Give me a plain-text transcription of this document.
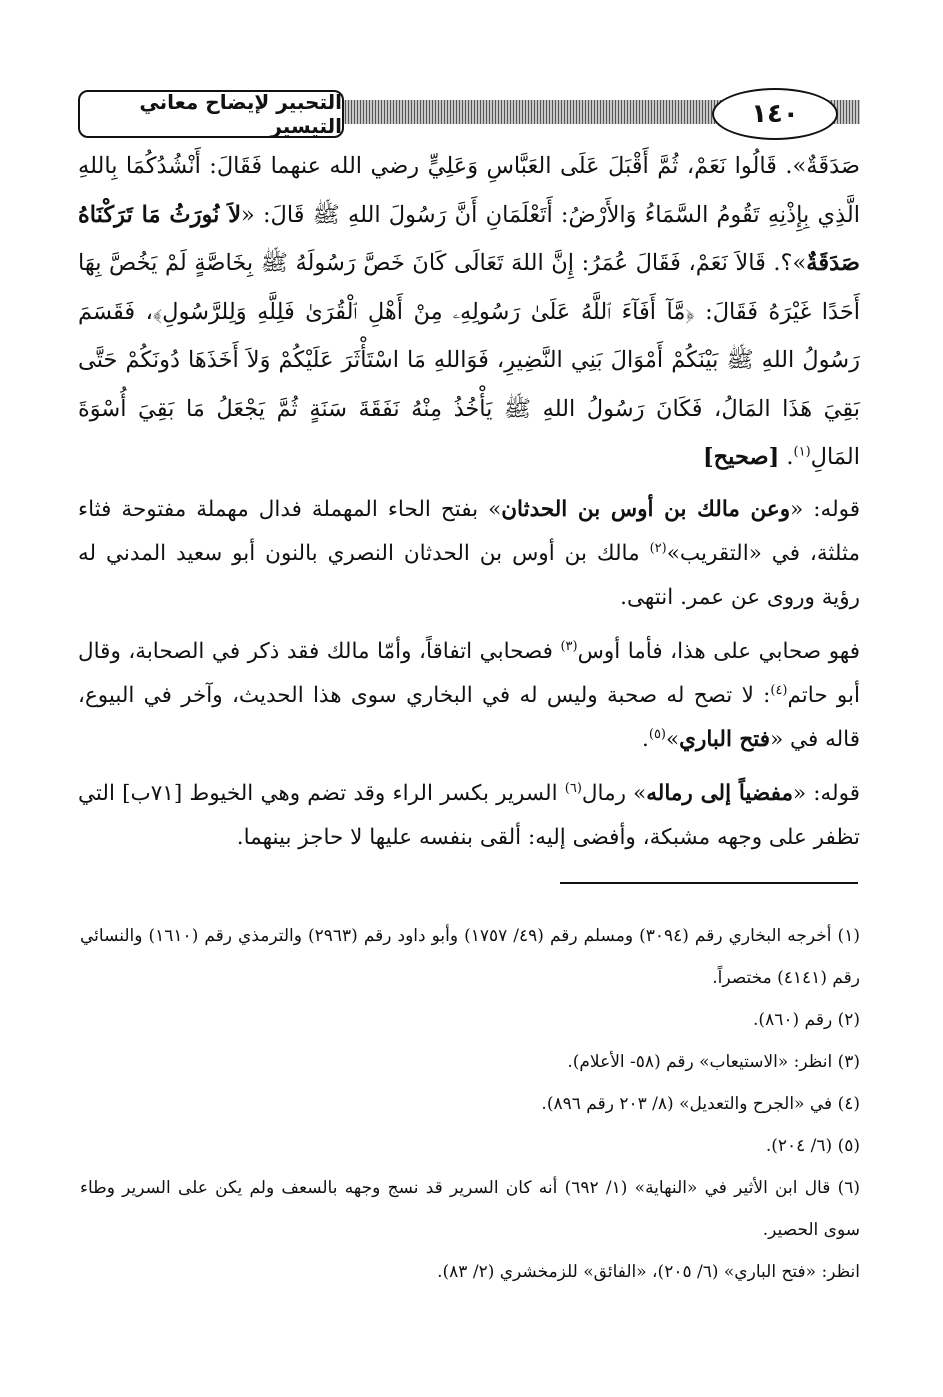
التحبير لإيضاح معاني التيسير	١٤٠

صَدَقَةٌ». قَالُوا نَعَمْ، ثُمَّ أَقْبَلَ عَلَى العَبَّاسِ وَعَلِيٍّ رضي الله عنهما فَقَالَ: أَنْشُدُكُمَا بِاللهِ الَّذِي بِإِذْنِهِ تَقُومُ السَّمَاءُ وَالأَرْضُ: أَتَعْلَمَانِ أَنَّ رَسُولَ اللهِ ﷺ قَالَ: «لاَ نُورَثُ مَا تَرَكْنَاهُ صَدَقَةٌ»؟. قَالاَ نَعَمْ، فَقَالَ عُمَرُ: إِنَّ اللهَ تَعَالَى كَانَ خَصَّ رَسُولَهُ ﷺ بِخَاصَّةٍ لَمْ يَخُصَّ بِهَا أَحَدًا غَيْرَهُ فَقَالَ: ﴿مَّآ أَفَآءَ ٱللَّهُ عَلَىٰ رَسُولِهِۦ مِنْ أَهْلِ ٱلْقُرَىٰ فَلِلَّهِ وَلِلرَّسُولِ﴾، فَقَسَمَ رَسُولُ اللهِ ﷺ بَيْنَكُمْ أَمْوَالَ بَنِي النَّضِيرِ، فَوَاللهِ مَا اسْتَأْثَرَ عَلَيْكُمْ وَلاَ أَخَذَهَا دُونَكُمْ حَتَّى بَقِيَ هَذَا المَالُ، فَكَانَ رَسُولُ اللهِ ﷺ يَأْخُذُ مِنْهُ نَفَقَةَ سَنَةٍ ثُمَّ يَجْعَلُ مَا بَقِيَ أُسْوَةَ المَالِ$^{(١)}$. [صحيح]

قوله: «وعن مالك بن أوس بن الحدثان» بفتح الحاء المهملة فدال مهملة مفتوحة فثاء مثلثة، في «التقريب»$^{(٢)}$ مالك بن أوس بن الحدثان النصري بالنون أبو سعيد المدني له رؤية وروى عن عمر. انتهى.

فهو صحابي على هذا، فأما أوس$^{(٣)}$ فصحابي اتفاقاً، وأمّا مالك فقد ذكر في الصحابة، وقال أبو حاتم$^{(٤)}$: لا تصح له صحبة وليس له في البخاري سوى هذا الحديث، وآخر في البيوع، قاله في «فتح الباري»$^{(٥)}$.

قوله: «مفضياً إلى رماله» رمال$^{(٦)}$ السرير بكسر الراء وقد تضم وهي الخيوط [٧١ب] التي تظفر على وجهه مشبكة، وأفضى إليه: ألقى بنفسه عليها لا حاجز بينهما.

(١) أخرجه البخاري رقم (٣٠٩٤) ومسلم رقم (٤٩/ ١٧٥٧) وأبو داود رقم (٢٩٦٣) والترمذي رقم (١٦١٠) والنسائي رقم (٤١٤١) مختصراً.

(٢) رقم (٨٦٠).

(٣) انظر: «الاستيعاب» رقم (٥٨- الأعلام).

(٤) في «الجرح والتعديل» (٨/ ٢٠٣ رقم ٨٩٦).

(٥) (٦/ ٢٠٤).

(٦) قال ابن الأثير في «النهاية» (١/ ٦٩٢) أنه كان السرير قد نسج وجهه بالسعف ولم يكن على السرير وطاء سوى الحصير.

انظر: «فتح الباري» (٦/ ٢٠٥)، «الفائق» للزمخشري (٢/ ٨٣).
